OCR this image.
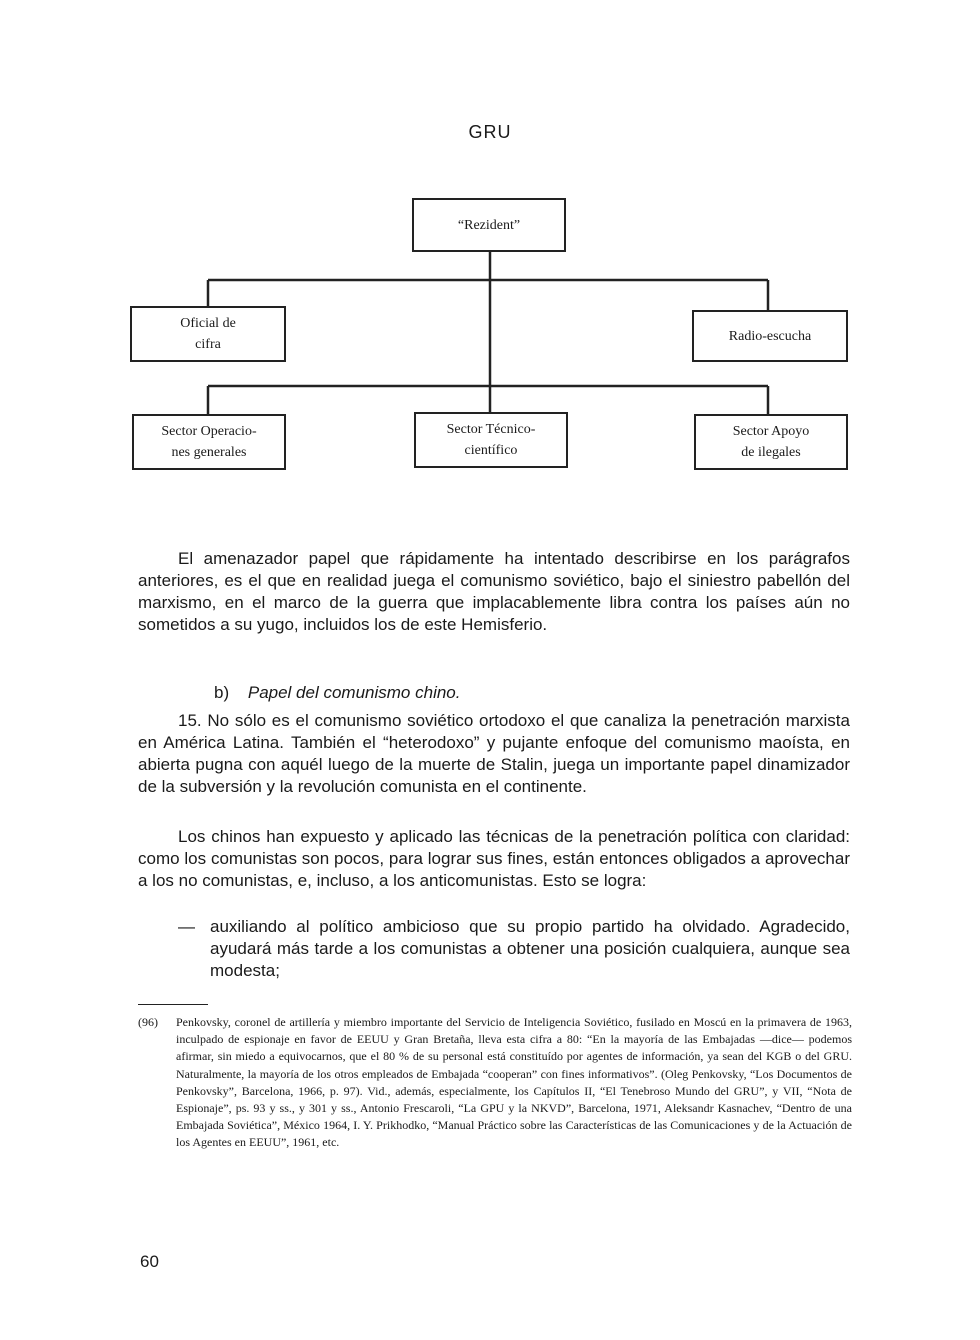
GRU
“Rezident”
Oficial de
cifra
Radio-escucha
Sector Operacio-
nes generales
Sector Técnico-
científico
Sector Apoyo
de ilegales

El amenazador papel que rápidamente ha intentado describirse en los parágrafos anteriores, es el que en realidad juega el comunismo soviético, bajo el siniestro pabellón del marxismo, en el marco de la guerra que implacablemente libra contra los países aún no sometidos a su yugo, incluidos los de este Hemisferio.

b) Papel del comunismo chino.

15. No sólo es el comunismo soviético ortodoxo el que canaliza la penetración marxista en América Latina. También el “heterodoxo” y pujante enfoque del comunismo maoísta, en abierta pugna con aquél luego de la muerte de Stalin, juega un importante papel dinamizador de la subversión y la revolución comunista en el continente.

Los chinos han expuesto y aplicado las técnicas de la penetración política con claridad: como los comunistas son pocos, para lograr sus fines, están entonces obligados a aprovechar a los no comunistas, e, incluso, a los anticomunistas. Esto se logra:

— auxiliando al político ambicioso que su propio partido ha olvidado. Agradecido, ayudará más tarde a los comunistas a obtener una posición cualquiera, aunque sea modesta;
(96) Penkovsky, coronel de artillería y miembro importante del Servicio de Inteligencia Soviético, fusilado en Moscú en la primavera de 1963, inculpado de espionaje en favor de EEUU y Gran Bretaña, lleva esta cifra a 80: “En la mayoría de las Embajadas —dice— podemos afirmar, sin miedo a equivocarnos, que el 80 % de su personal está constituído por agentes de información, ya sean del KGB o del GRU. Naturalmente, la mayoría de los otros empleados de Embajada “cooperan” con fines informativos”. (Oleg Penkovsky, “Los Documentos de Penkovsky”, Barcelona, 1966, p. 97). Vid., además, especialmente, los Capítulos II, “El Tenebroso Mundo del GRU”, y VII, “Nota de Espionaje”, ps. 93 y ss., y 301 y ss., Antonio Frescaroli, “La GPU y la NKVD”, Barcelona, 1971, Aleksandr Kasnachev, “Dentro de una Embajada Soviética”, México 1964, I. Y. Prikhodko, “Manual Práctico sobre las Características de las Comunicaciones y de la Actuación de los Agentes en EEUU”, 1961, etc.
60
